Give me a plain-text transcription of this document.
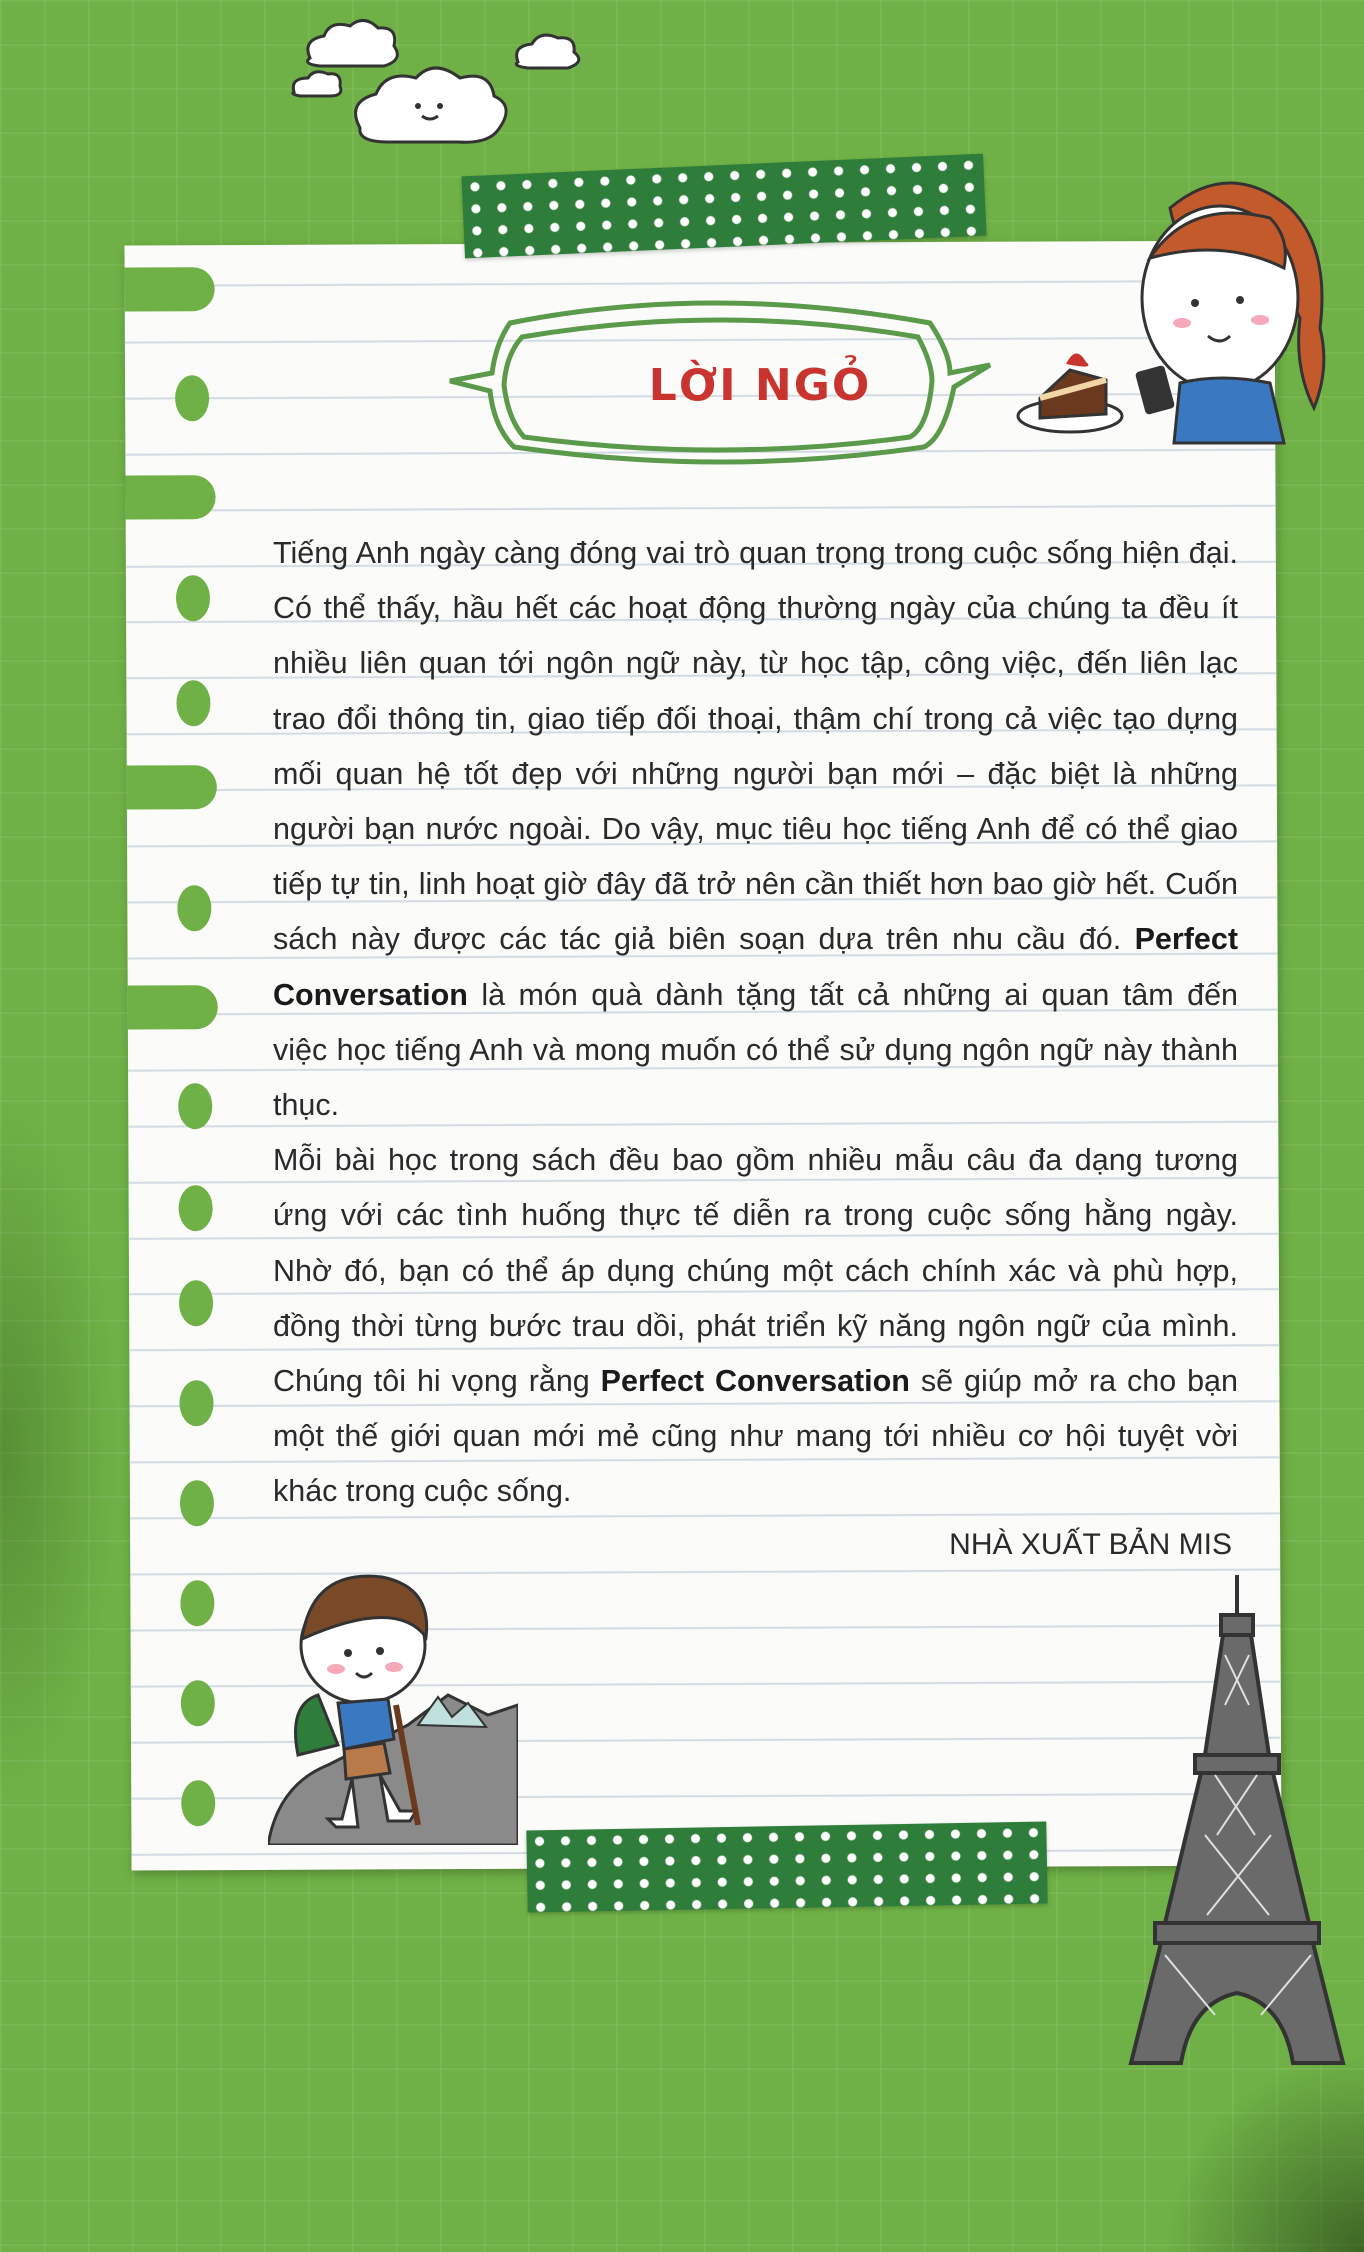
LỜI NGỎ

Tiếng Anh ngày càng đóng vai trò quan trọng trong cuộc sống hiện đại. Có thể thấy, hầu hết các hoạt động thường ngày của chúng ta đều ít nhiều liên quan tới ngôn ngữ này, từ học tập, công việc, đến liên lạc trao đổi thông tin, giao tiếp đối thoại, thậm chí trong cả việc tạo dựng mối quan hệ tốt đẹp với những người bạn mới – đặc biệt là những người bạn nước ngoài. Do vậy, mục tiêu học tiếng Anh để có thể giao tiếp tự tin, linh hoạt giờ đây đã trở nên cần thiết hơn bao giờ hết. Cuốn sách này được các tác giả biên soạn dựa trên nhu cầu đó. Perfect Conversation là món quà dành tặng tất cả những ai quan tâm đến việc học tiếng Anh và mong muốn có thể sử dụng ngôn ngữ này thành thục.

Mỗi bài học trong sách đều bao gồm nhiều mẫu câu đa dạng tương ứng với các tình huống thực tế diễn ra trong cuộc sống hằng ngày. Nhờ đó, bạn có thể áp dụng chúng một cách chính xác và phù hợp, đồng thời từng bước trau dồi, phát triển kỹ năng ngôn ngữ của mình. Chúng tôi hi vọng rằng Perfect Conversation sẽ giúp mở ra cho bạn một thế giới quan mới mẻ cũng như mang tới nhiều cơ hội tuyệt vời khác trong cuộc sống.

NHÀ XUẤT BẢN MIS
